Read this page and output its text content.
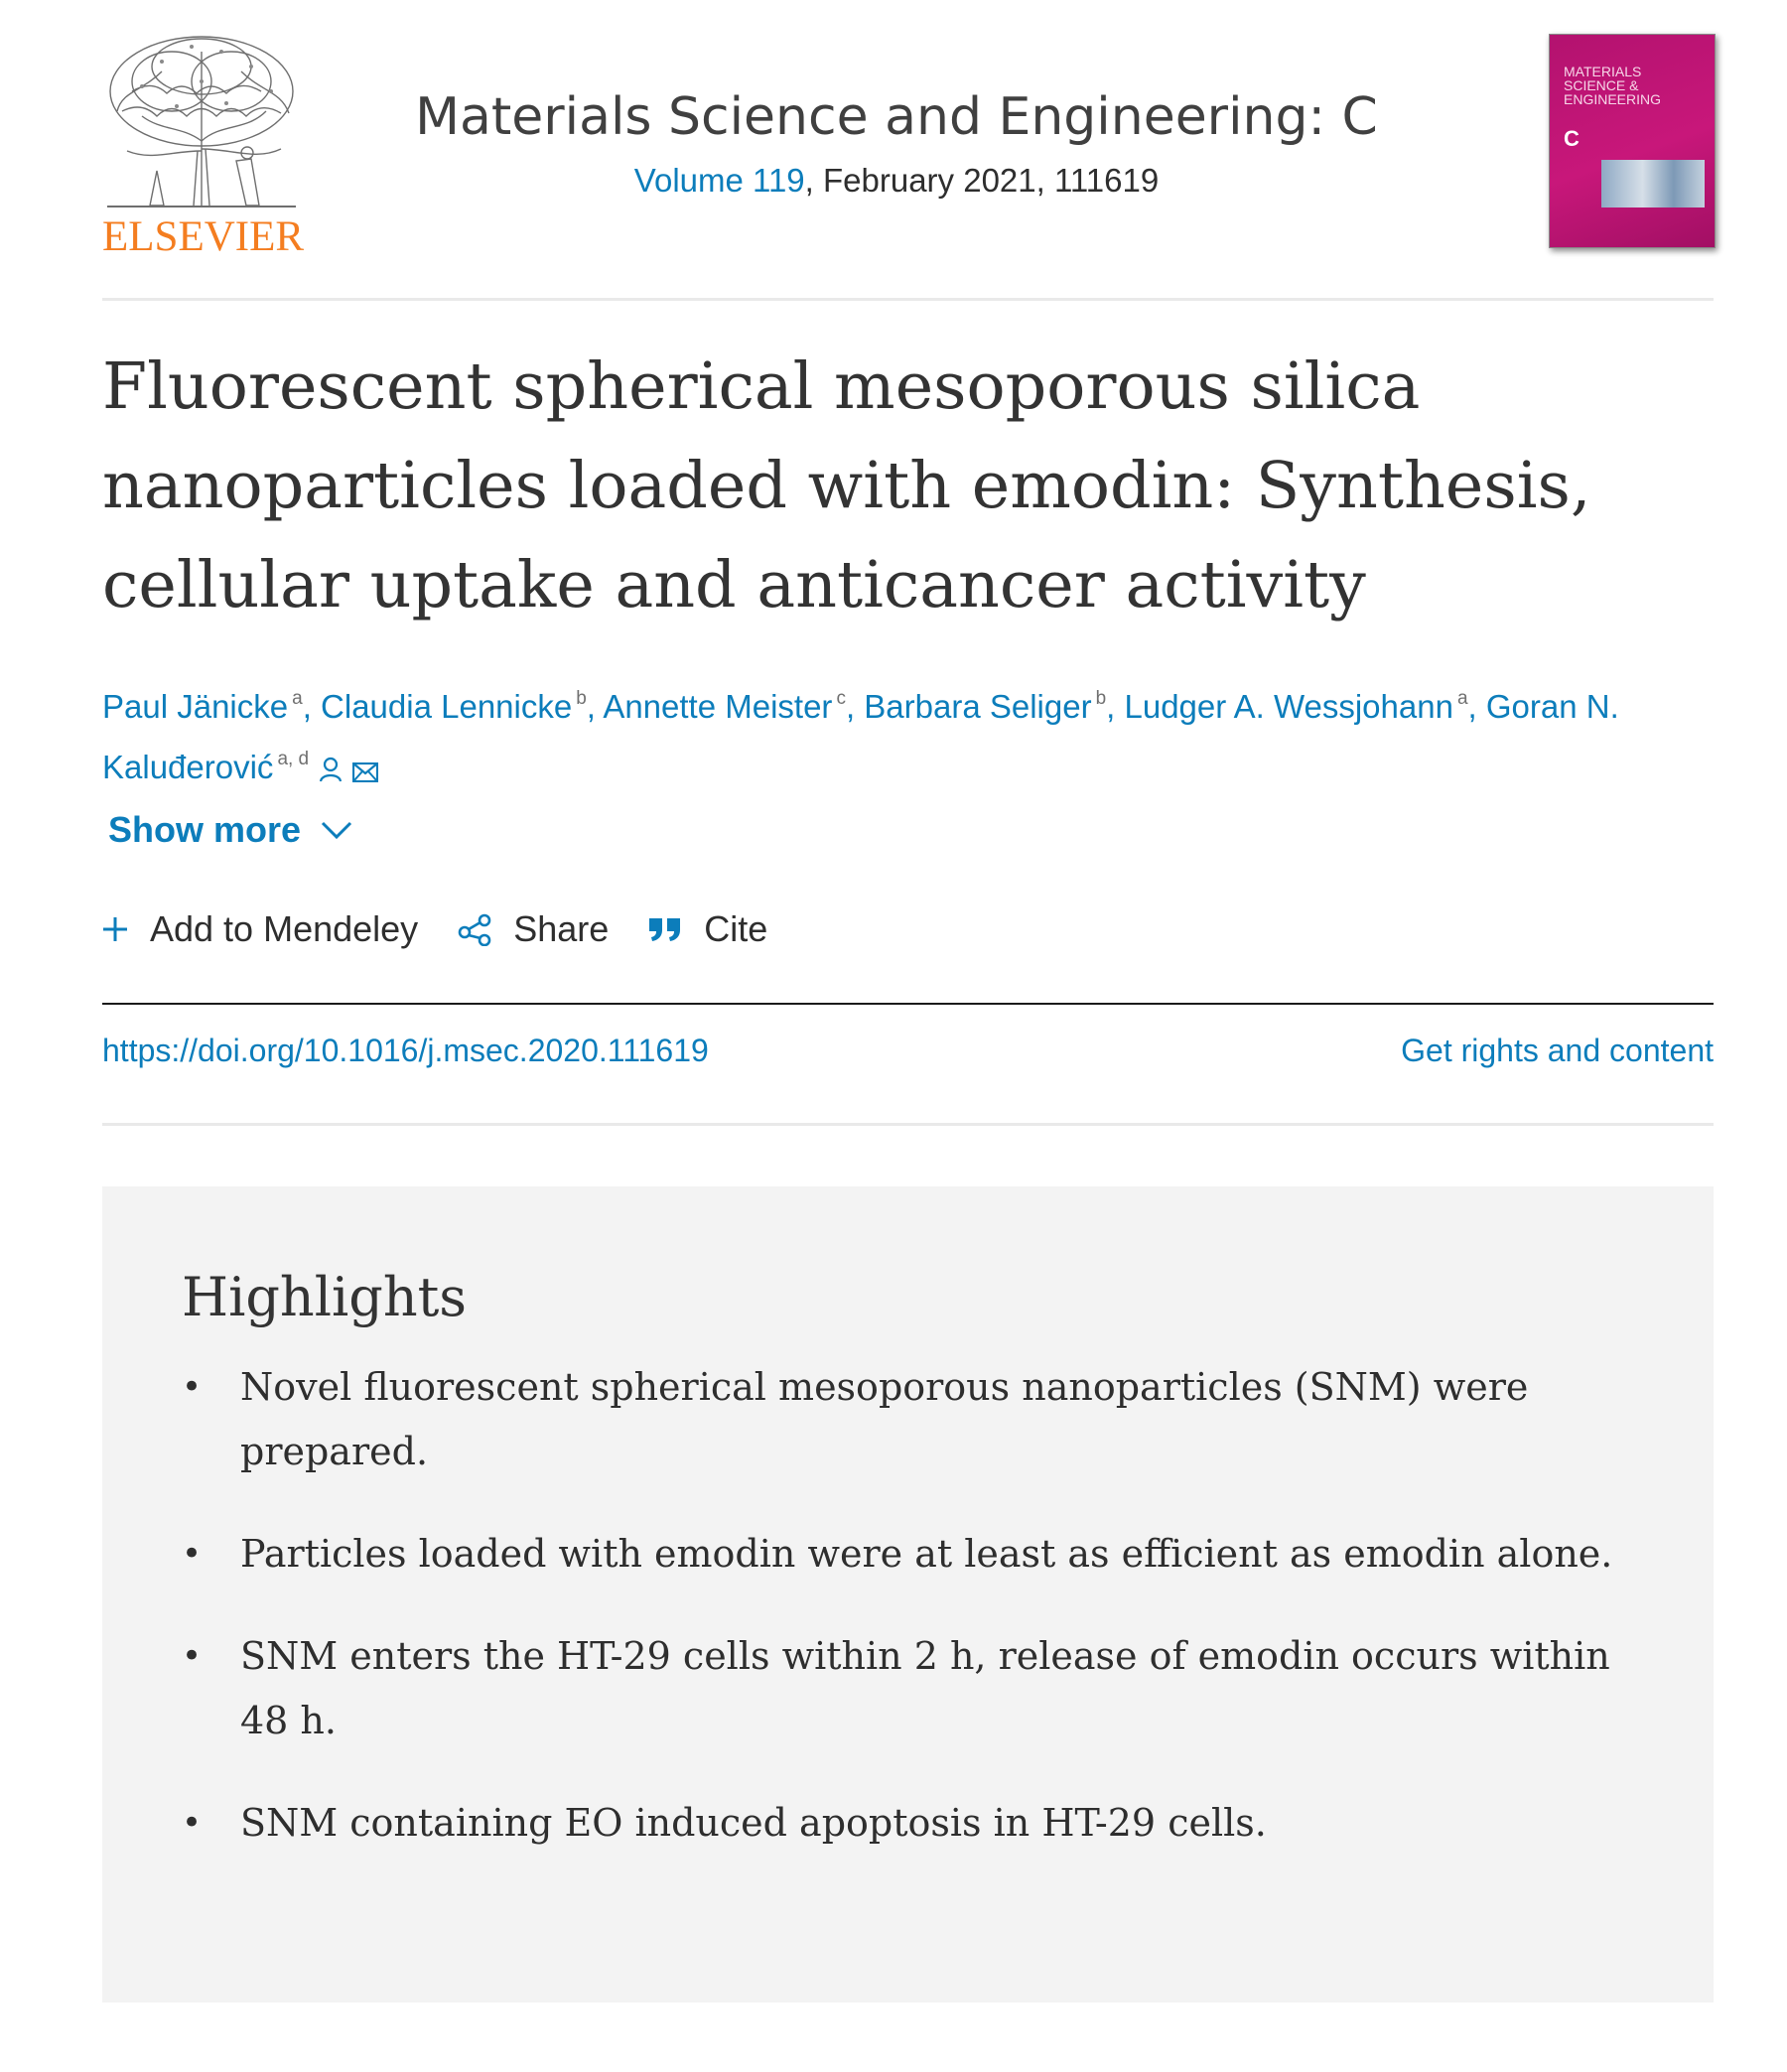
ELSEVIER
Materials Science and Engineering: C
Volume 119, February 2021, 111619
MATERIALS SCIENCE & ENGINEERING
C
Fluorescent spherical mesoporous silica nanoparticles loaded with emodin: Synthesis, cellular uptake and anticancer activity
Paul Jänicke $^a$, Claudia Lennicke $^b$, Annette Meister $^c$, Barbara Seliger $^b$, Ludger A. Wessjohann $^a$, Goran N. Kaluđerović $^{a, d}$
Show more
Add to Mendeley	Share	Cite
https://doi.org/10.1016/j.msec.2020.111619	Get rights and content
Highlights
• Novel fluorescent spherical mesoporous nanoparticles (SNM) were prepared.
• Particles loaded with emodin were at least as efficient as emodin alone.
• SNM enters the HT-29 cells within 2 h, release of emodin occurs within 48 h.
• SNM containing EO induced apoptosis in HT-29 cells.
